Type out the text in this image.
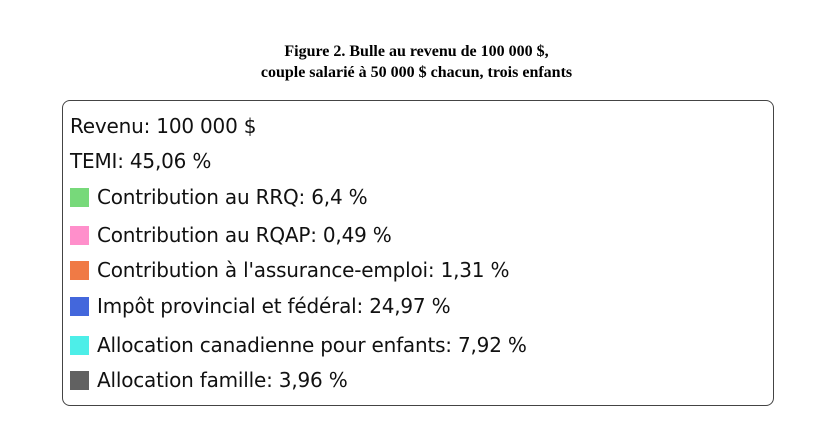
Figure 2. Bulle au revenu de 100 000 $,
couple salarié à 50 000 $ chacun, trois enfants
Revenu: 100 000 $
TEMI: 45,06 %
Contribution au RRQ: 6,4 %
Contribution au RQAP: 0,49 %
Contribution à l'assurance-emploi: 1,31 %
Impôt provincial et fédéral: 24,97 %
Allocation canadienne pour enfants: 7,92 %
Allocation famille: 3,96 %
